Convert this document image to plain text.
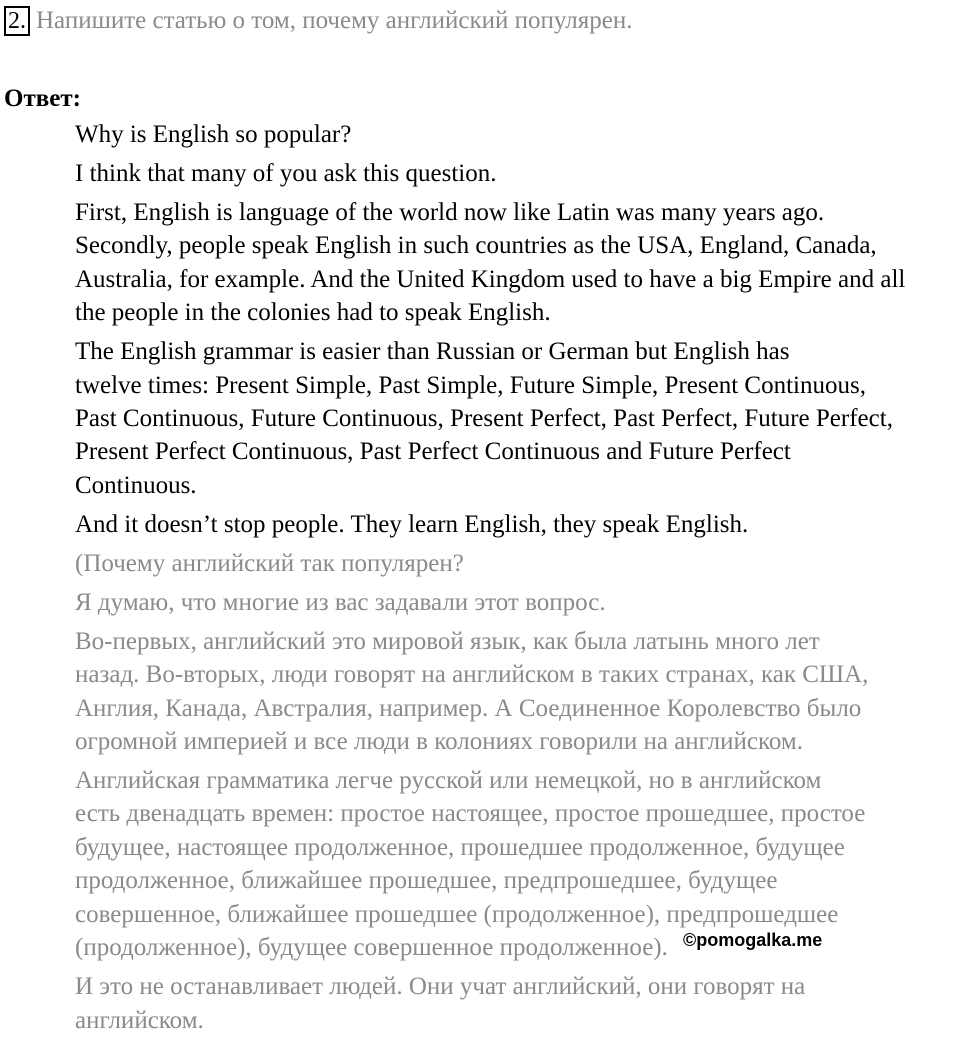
2. Напишите статью о том, почему английский популярен.
Ответ:

Why is English so popular?

I think that many of you ask this question.

First, English is language of the world now like Latin was many years ago.
Secondly, people speak English in such countries as the USA, England, Canada,
Australia, for example. And the United Kingdom used to have a big Empire and all
the people in the colonies had to speak English.

The English grammar is easier than Russian or German but English has
twelve times: Present Simple, Past Simple, Future Simple, Present Continuous,
Past Continuous, Future Continuous, Present Perfect, Past Perfect, Future Perfect,
Present Perfect Continuous, Past Perfect Continuous and Future Perfect
Continuous.

And it doesn’t stop people. They learn English, they speak English.

(Почему английский так популярен?

Я думаю, что многие из вас задавали этот вопрос.

Во-первых, английский это мировой язык, как была латынь много лет
назад. Во-вторых, люди говорят на английском в таких странах, как США,
Англия, Канада, Австралия, например. А Соединенное Королевство было
огромной империей и все люди в колониях говорили на английском.

Английская грамматика легче русской или немецкой, но в английском
есть двенадцать времен: простое настоящее, простое прошедшее, простое
будущее, настоящее продолженное, прошедшее продолженное, будущее
продолженное, ближайшее прошедшее, предпрошедшее, будущее
совершенное, ближайшее прошедшее (продолженное), предпрошедшее
(продолженное), будущее совершенное продолженное).

И это не останавливает людей. Они учат английский, они говорят на
английском.

©pomogalka.me
